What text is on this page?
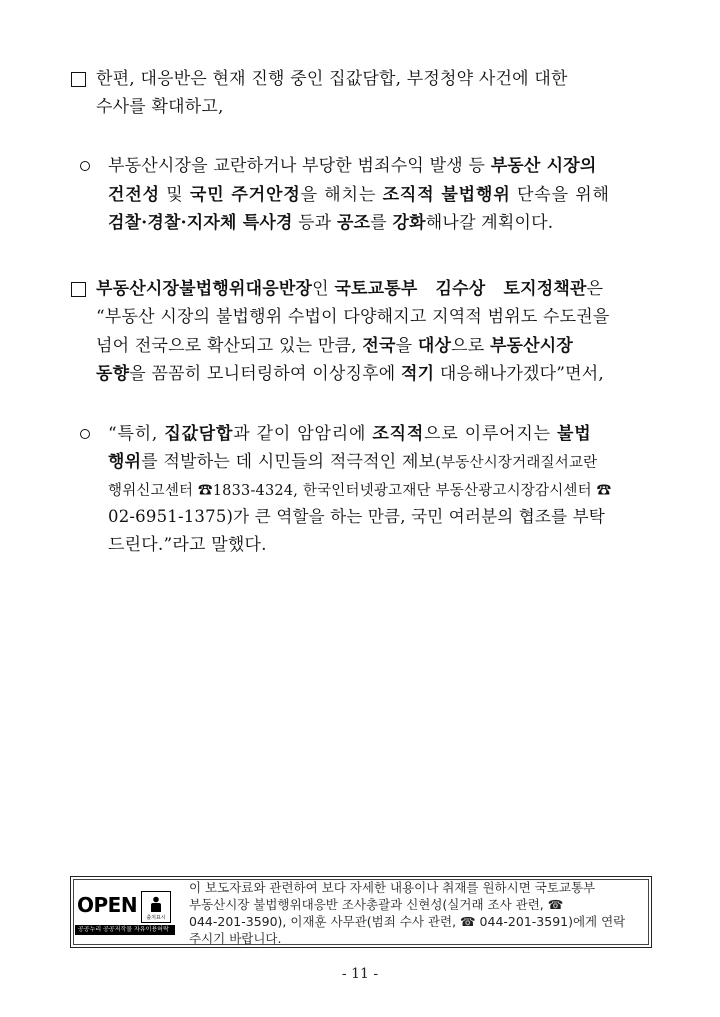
한편, 대응반은 현재 진행 중인 집값담합, 부정청약 사건에 대한
수사를 확대하고,
부동산시장을 교란하거나 부당한 범죄수익 발생 등 부동산 시장의
건전성 및 국민 주거안정을 해치는 조직적 불법행위 단속을 위해
검찰·경찰·지자체 특사경 등과 공조를 강화해나갈 계획이다.
부동산시장불법행위대응반장인 국토교통부 김수상 토지정책관은
“부동산 시장의 불법행위 수법이 다양해지고 지역적 범위도 수도권을
넘어 전국으로 확산되고 있는 만큼, 전국을 대상으로 부동산시장
동향을 꼼꼼히 모니터링하여 이상징후에 적기 대응해나가겠다”면서,
“특히, 집값담합과 같이 암암리에 조직적으로 이루어지는 불법
행위를 적발하는 데 시민들의 적극적인 제보(부동산시장거래질서교란
행위신고센터 ☎1833-4324, 한국인터넷광고재단 부동산광고시장감시센터 ☎
02-6951-1375)가 큰 역할을 하는 만큼, 국민 여러분의 협조를 부탁
드린다.”라고 말했다.
OPEN
출처표시
공공누리 공공저작물 자유이용허락
이 보도자료와 관련하여 보다 자세한 내용이나 취재를 원하시면 국토교통부
부동산시장 불법행위대응반 조사총괄과 신현성(실거래 조사 관련, ☎
044-201-3590), 이재훈 사무관(범죄 수사 관련, ☎ 044-201-3591)에게 연락
주시기 바랍니다.
- 11 -
